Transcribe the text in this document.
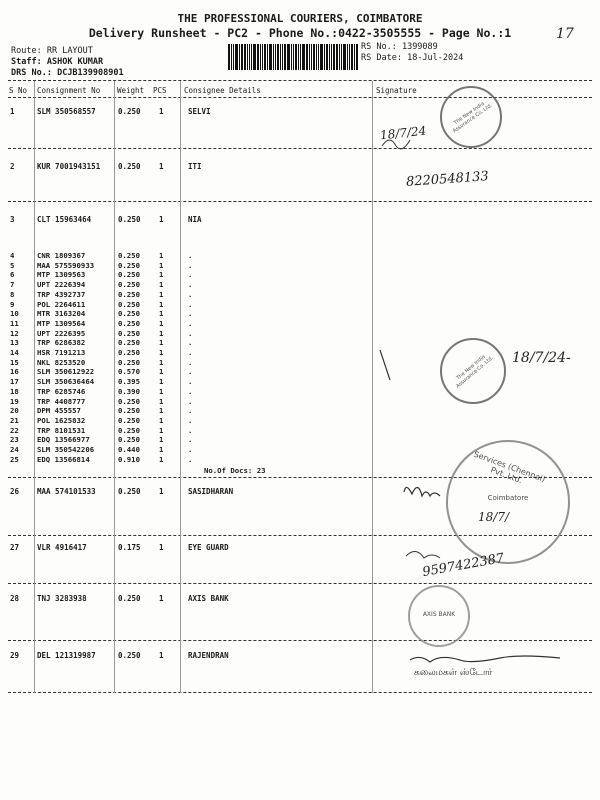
THE PROFESSIONAL COURIERS, COIMBATORE
Delivery Runsheet - PC2 - Phone No.:0422-3505555 - Page No.:1	17
Route: RR LAYOUT
Staff: ASHOK KUMAR
DRS No.: DCJB139908901
RS No.: 1399089
RS Date: 18-Jul-2024
S No Consignment No Weight PCS Consignee Details	Signature
1	SLM 350568557	0.250 1	SELVI
2	KUR 7001943151 0.250 1	ITI
3	CLT 15963464	0.250 1	NIA
4	CNR 1809367	0.250	1	.
5	MAA 575590933	0.250	1	.
6	MTP 1309563	0.250	1	.
7	UPT 2226394	0.250	1	.
8	TRP 4392737	0.250	1	.
9	POL 2264611	0.250	1	.
10 MTR 3163204	0.250	1	.
11 MTP 1309564	0.250	1	.
12 UPT 2226395	0.250	1	.
13 TRP 6286382	0.250	1	.
14 HSR 7191213	0.250	1	.
15 NKL 8253520	0.250	1	.
16 SLM 350612922	0.570	1	.
17 SLM 350636464	0.395	1	.
18 TRP 6285746	0.390	1	.
19 TRP 4408777	0.250	1	.
20 DPM 455557	0.250	1	.
21 POL 1625832	0.250	1	.
22 TRP 8101531	0.250	1	.
23 EDQ 13566977	0.250	1	.
24 SLM 350542206	0.440	1	.
25 EDQ 13566814	0.910	1	.
No.Of Docs: 23
26 MAA 574101533	0.250 1	SASIDHARAN
27 VLR 4916417	0.175 1	EYE GUARD
28 TNJ 3283938	0.250 1	AXIS BANK
29 DEL 121319987	0.250 1	RAJENDRAN
The New India Assurance Co. Ltd.
The New India Assurance Co. Ltd.
Services (Chennai) Pvt. Ltd.
Coimbatore
AXIS BANK
18/7/24
8220548133
18/7/24-
18/7/
9597422387
கலைமகள் ஸ்டோர்
